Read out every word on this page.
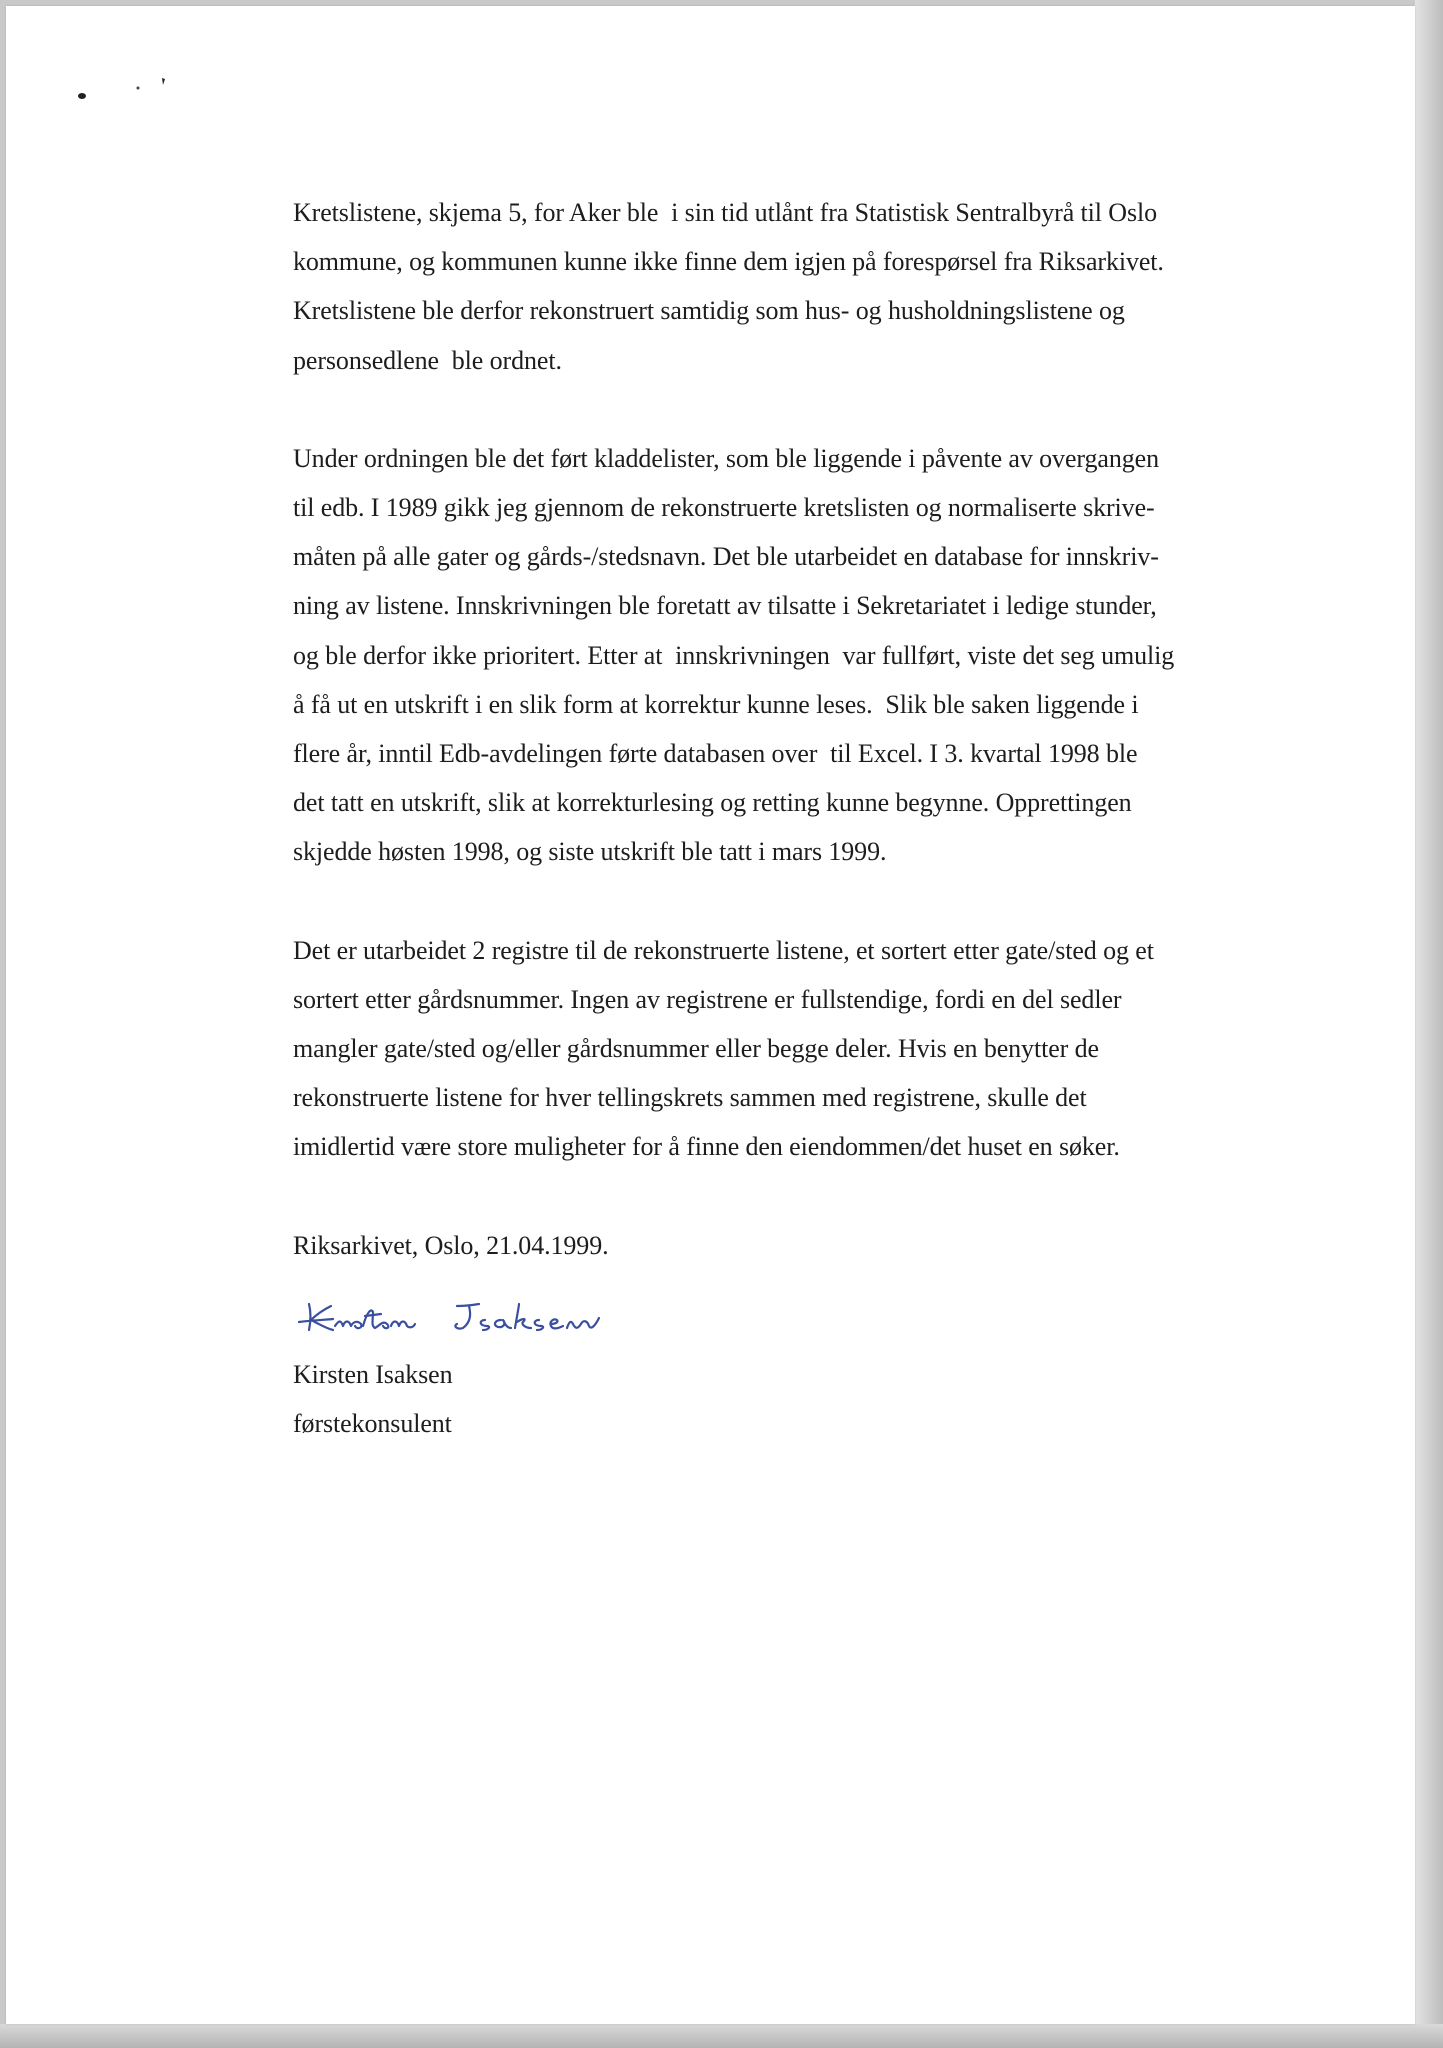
Kretslistene, skjema 5, for Aker ble  i sin tid utlånt fra Statistisk Sentralbyrå til Oslo
kommune, og kommunen kunne ikke finne dem igjen på forespørsel fra Riksarkivet.
Kretslistene ble derfor rekonstruert samtidig som hus- og husholdningslistene og
personsedlene  ble ordnet.

Under ordningen ble det ført kladdelister, som ble liggende i påvente av overgangen
til edb. I 1989 gikk jeg gjennom de rekonstruerte kretslisten og normaliserte skrive-
måten på alle gater og gårds-/stedsnavn. Det ble utarbeidet en database for innskriv-
ning av listene. Innskrivningen ble foretatt av tilsatte i Sekretariatet i ledige stunder,
og ble derfor ikke prioritert. Etter at  innskrivningen  var fullført, viste det seg umulig
å få ut en utskrift i en slik form at korrektur kunne leses.  Slik ble saken liggende i
flere år, inntil Edb-avdelingen førte databasen over  til Excel. I 3. kvartal 1998 ble
det tatt en utskrift, slik at korrekturlesing og retting kunne begynne. Opprettingen
skjedde høsten 1998, og siste utskrift ble tatt i mars 1999.

Det er utarbeidet 2 registre til de rekonstruerte listene, et sortert etter gate/sted og et
sortert etter gårdsnummer. Ingen av registrene er fullstendige, fordi en del sedler
mangler gate/sted og/eller gårdsnummer eller begge deler. Hvis en benytter de
rekonstruerte listene for hver tellingskrets sammen med registrene, skulle det
imidlertid være store muligheter for å finne den eiendommen/det huset en søker.

Riksarkivet, Oslo, 21.04.1999.

Kirsten Isaksen
førstekonsulent
